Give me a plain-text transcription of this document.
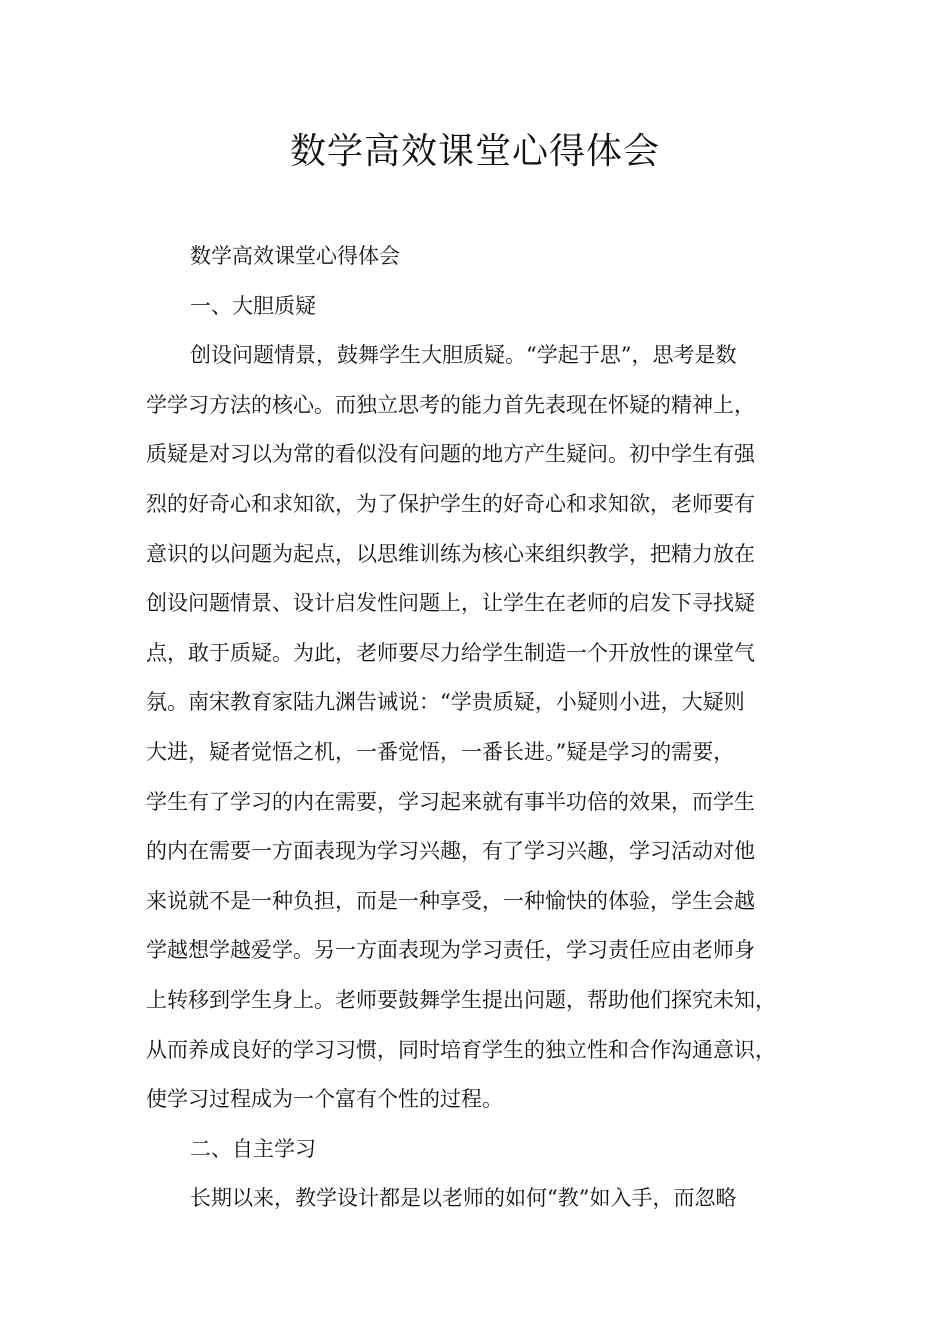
数学高效课堂心得体会
数学高效课堂心得体会
一、大胆质疑
创设问题情景，鼓舞学生大胆质疑。“学起于思”，思考是数
学学习方法的核心。而独立思考的能力首先表现在怀疑的精神上，
质疑是对习以为常的看似没有问题的地方产生疑问。初中学生有强
烈的好奇心和求知欲，为了保护学生的好奇心和求知欲，老师要有
意识的以问题为起点，以思维训练为核心来组织教学，把精力放在
创设问题情景、设计启发性问题上，让学生在老师的启发下寻找疑
点，敢于质疑。为此，老师要尽力给学生制造一个开放性的课堂气
氛。南宋教育家陆九渊告诫说：“学贵质疑，小疑则小进，大疑则
大进，疑者觉悟之机，一番觉悟，一番长进。”疑是学习的需要，
学生有了学习的内在需要，学习起来就有事半功倍的效果，而学生
的内在需要一方面表现为学习兴趣，有了学习兴趣，学习活动对他
来说就不是一种负担，而是一种享受，一种愉快的体验，学生会越
学越想学越爱学。另一方面表现为学习责任，学习责任应由老师身
上转移到学生身上。老师要鼓舞学生提出问题，帮助他们探究未知，
从而养成良好的学习习惯，同时培育学生的独立性和合作沟通意识，
使学习过程成为一个富有个性的过程。
二、自主学习
长期以来，教学设计都是以老师的如何“教”如入手，而忽略
